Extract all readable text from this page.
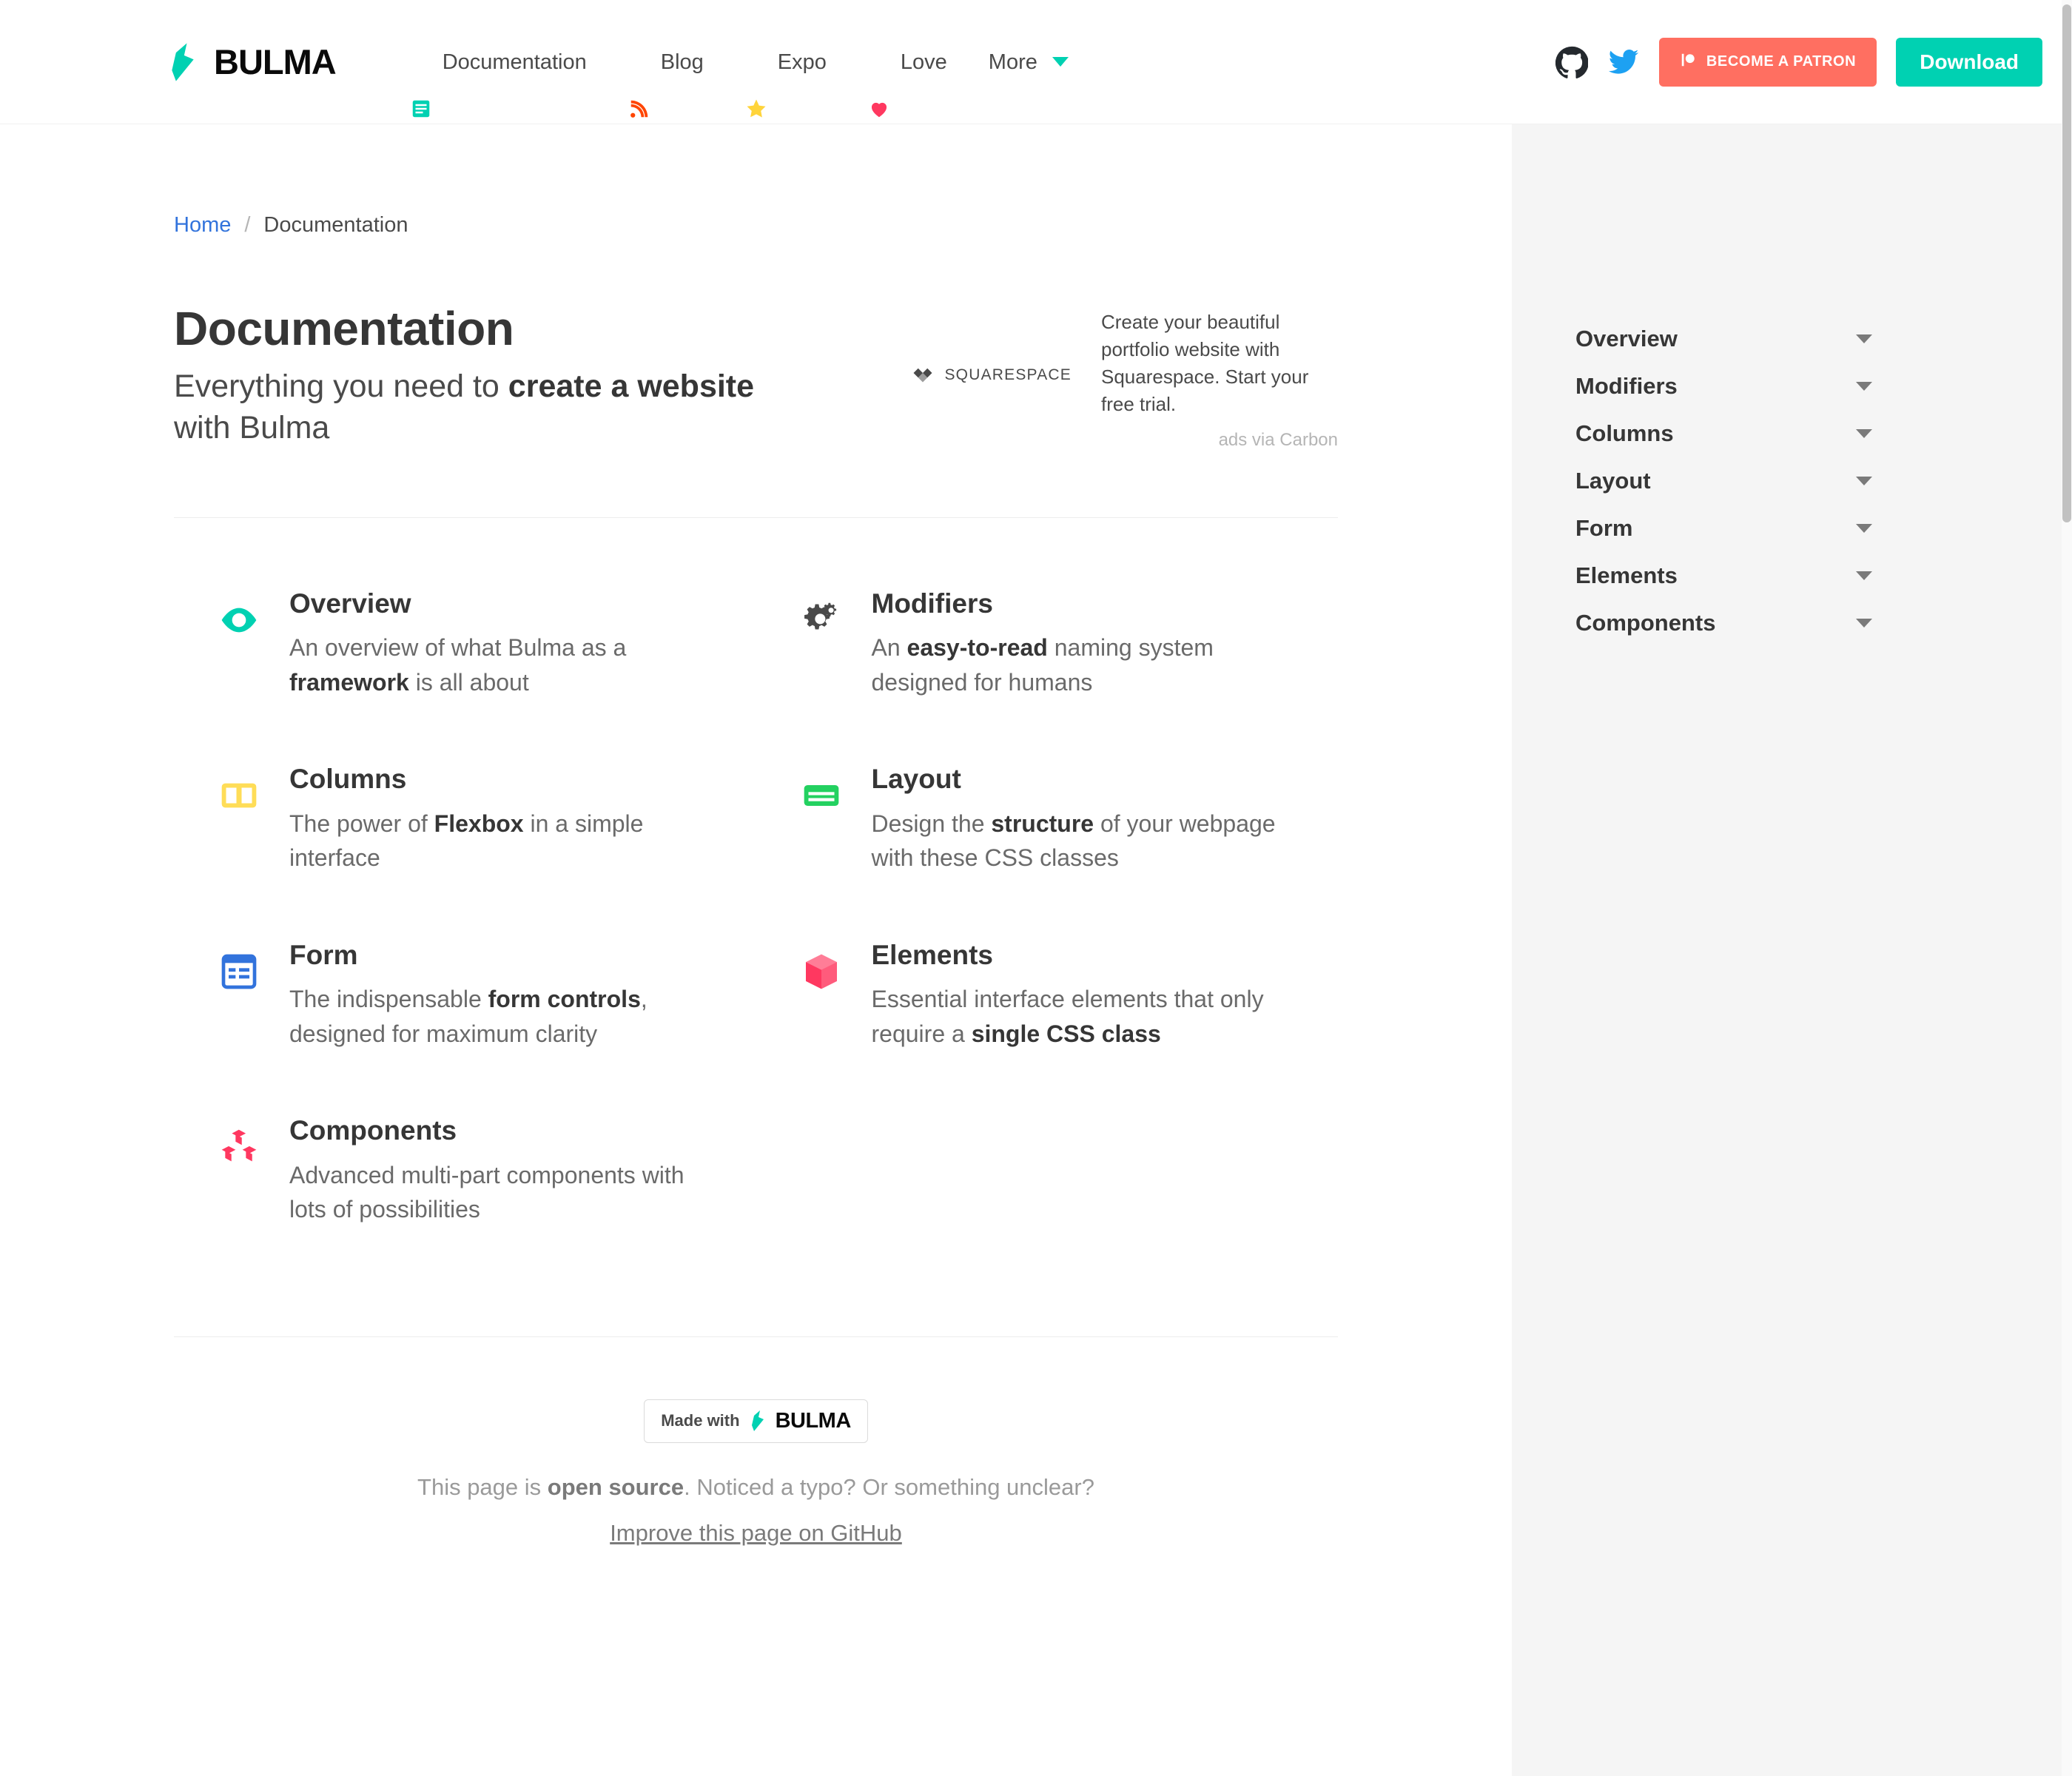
BULMA	Documentation	Blog	Expo	Love More	BECOME A PATRON	Download
Home / Documentation
Documentation

Everything you need to create a website with Bulma

SQUARESPACE
Create your beautiful portfolio website with Squarespace. Start your free trial.
ads via Carbon
Overview
An overview of what Bulma as a framework is all about
Modifiers
An easy-to-read naming system designed for humans
Columns
The power of Flexbox in a simple interface
Layout
Design the structure of your webpage with these CSS classes
Form
The indispensable form controls, designed for maximum clarity
Elements
Essential interface elements that only require a single CSS class
Components
Advanced multi-part components with lots of possibilities
Made with BULMA
This page is open source. Noticed a typo? Or something unclear?
Improve this page on GitHub
Overview
Modifiers
Columns
Layout
Form
Elements
Components
